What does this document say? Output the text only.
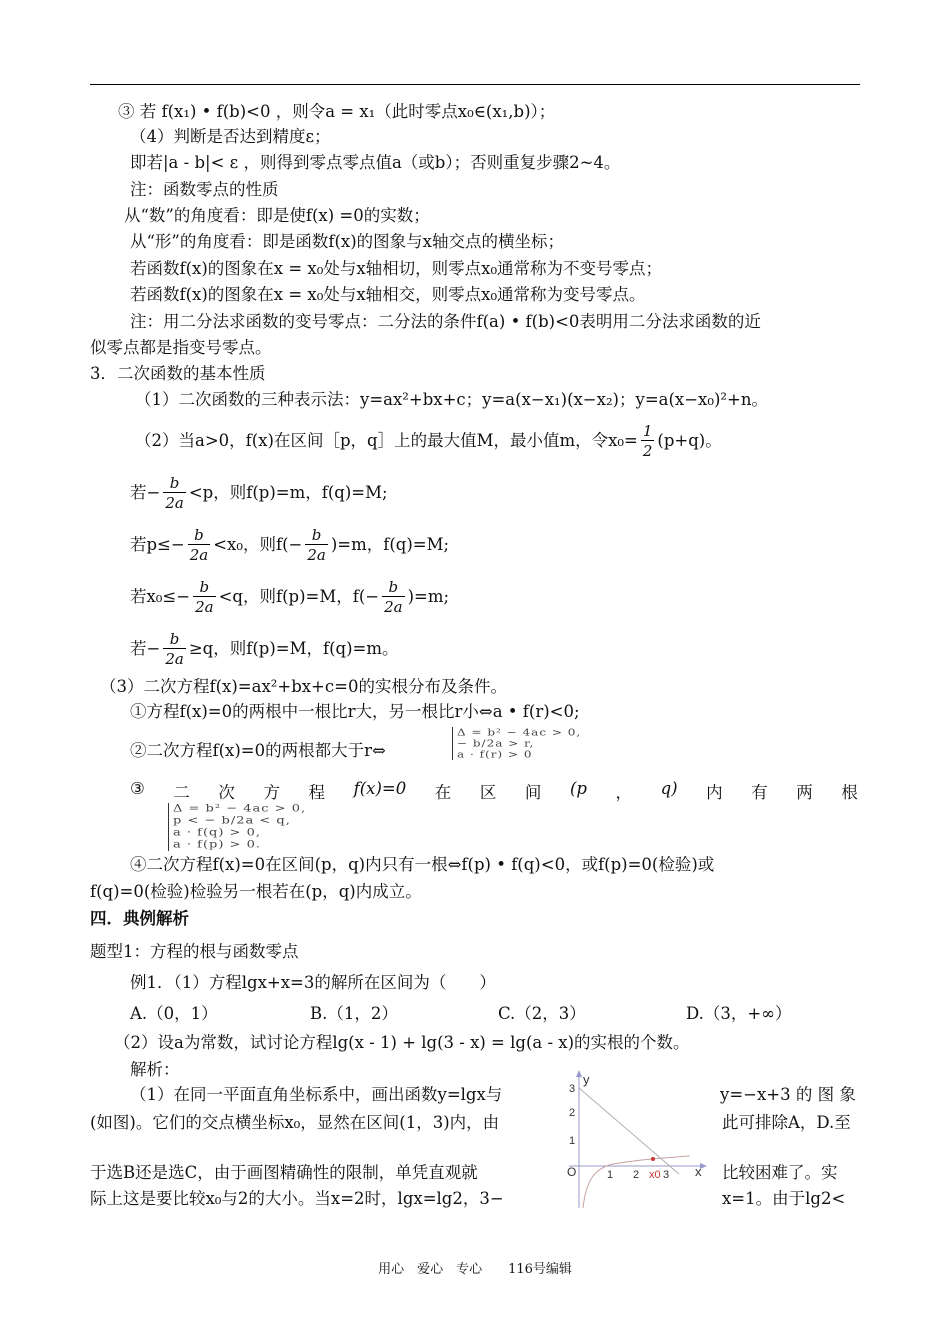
③ 若 f(x₁) • f(b)<0 ，则令a = x₁（此时零点x₀∈(x₁,b)）；
（4）判断是否达到精度ε；
即若|a - b|< ε ，则得到零点零点值a（或b）；否则重复步骤2~4。
注：函数零点的性质
从“数”的角度看：即是使f(x) =0的实数；
从“形”的角度看：即是函数f(x)的图象与x轴交点的横坐标；
若函数f(x)的图象在x = x₀处与x轴相切，则零点x₀通常称为不变号零点；
若函数f(x)的图象在x = x₀处与x轴相交，则零点x₀通常称为变号零点。
注：用二分法求函数的变号零点：二分法的条件f(a) • f(b)<0表明用二分法求函数的近
似零点都是指变号零点。
3．二次函数的基本性质
（1）二次函数的三种表示法：y=ax²+bx+c；y=a(x−x₁)(x−x₂)；y=a(x−x₀)²+n。
（2）当a>0，f(x)在区间［p，q］上的最大值M，最小值m，令$x_0= \frac{1}{2} (p+q)$。
若− $\frac{b}{2a} <p$，则f(p)=m，f(q)=M;
若$p\le- \frac{b}{2a} <x_0$，则$f(- \frac{b}{2a} )=m$，f(q)=M;
若$x_0\le- \frac{b}{2a} <q$，则f(p)=M，$f(- \frac{b}{2a} )=m$;
若− $\frac{b}{2a} \ge q$，则f(p)=M，f(q)=m。
（3）二次方程f(x)=ax²+bx+c=0的实根分布及条件。
①方程f(x)=0的两根中一根比r大，另一根比r小⇔a • f(r)<0;
②二次方程f(x)=0的两根都大于r⇔
Δ = b² − 4ac > 0,
− b/2a > r,
a · f(r) > 0
③ 二 次 方 程 f(x)=0 在 区 间 (p ， q) 内 有 两 根
Δ = b² − 4ac > 0,
p < − b/2a < q,
a · f(q) > 0,
a · f(p) > 0.
④二次方程f(x)=0在区间(p，q)内只有一根⇔f(p) • f(q)<0，或f(p)=0(检验)或
f(q)=0(检验)检验另一根若在(p，q)内成立。
四．典例解析
题型1：方程的根与函数零点
例1．（1）方程lgx+x=3的解所在区间为（　　）
A.（0，1）	B.（1，2）	C.（2，3）	D.（3，+∞）
（2）设a为常数，试讨论方程lg(x - 1) + lg(3 - x) = lg(a - x)的实根的个数。
解析：
（1）在同一平面直角坐标系中，画出函数y=lgx与	y=−x+3 的 图 象
(如图)。它们的交点横坐标x₀，显然在区间(1，3)内，由	此可排除A，D.至
于选B还是选C，由于画图精确性的限制，单凭直观就	比较困难了。实
际上这是要比较x₀与2的大小。当x=2时，lgx=lg2，3−	x=1。由于lg2<
y
x
O
3
2
1
1 2 3
x0
用心　爱心　专心　　116号编辑
